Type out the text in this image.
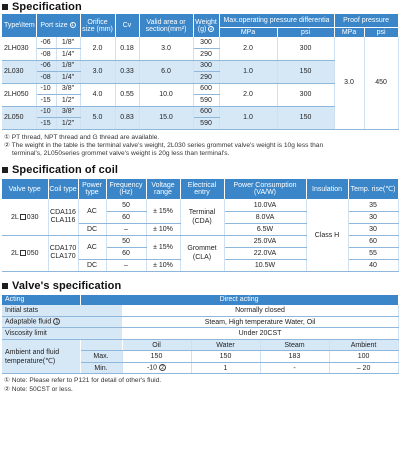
Specification
Type\Item	Port size 1		Orifice size (mm)	Cv	Valid area or section(mm²)	Weight (g) 2	Max.operating pressure differentia		Proof pressure	
							MPa	psi	MPa	psi
2LH030	-06	1/8"	2.0	0.18	3.0	300	2.0	300	3.0	450
	-08	1/4"				290				
2L030	-06	1/8"	3.0	0.33	6.0	300	1.0	150		
	-08	1/4"				290				
2LH050	-10	3/8"	4.0	0.55	10.0	600	2.0	300		
	-15	1/2"				590				
2L050	-10	3/8"	5.0	0.83	15.0	600	1.0	150		
	-15	1/2"				590				
① PT thread, NPT thread and G thread are available.
② The weight in the table is the terminal valve's weight, 2L030 series grommet valve's weight is 10g less than
terminal's, 2L050series grommet valve's weight is 20g less than terminal's.
Specification of coil
Valve type	Coil type	Power type	Frequency (Hz)	Voltage range	Electrical entry	Power Consumption (VA/W)	Insulation	Temp. rise(℃)
2L 030	CDA116 CLA116	AC	50	± 15%	Terminal (CDA)	10.0VA	Class H	35
			60			8.0VA		30
		DC	–	± 10%		6.5W		30
2L 050	CDA170 CLA170	AC	50	± 15%	Grommet (CLA)	25.0VA		60
			60			22.0VA		55
		DC	–	± 10%		10.5W		40
Valve's specification
Acting	Direct acting				
Initial stats		Normally closed			
Adaptable fluid 1		Steam, High temperature Water, Oil			
Viscosity limit		Under 20CST			
Ambient and fluid temperature(℃)		Oil	Water	Steam	Ambient
	Max.	150	150	183	100
	Min.	-10 2	1	-	– 20
① Note: Please refer to P121 for detail of other's fluid.
② Note: 50CST or less.
